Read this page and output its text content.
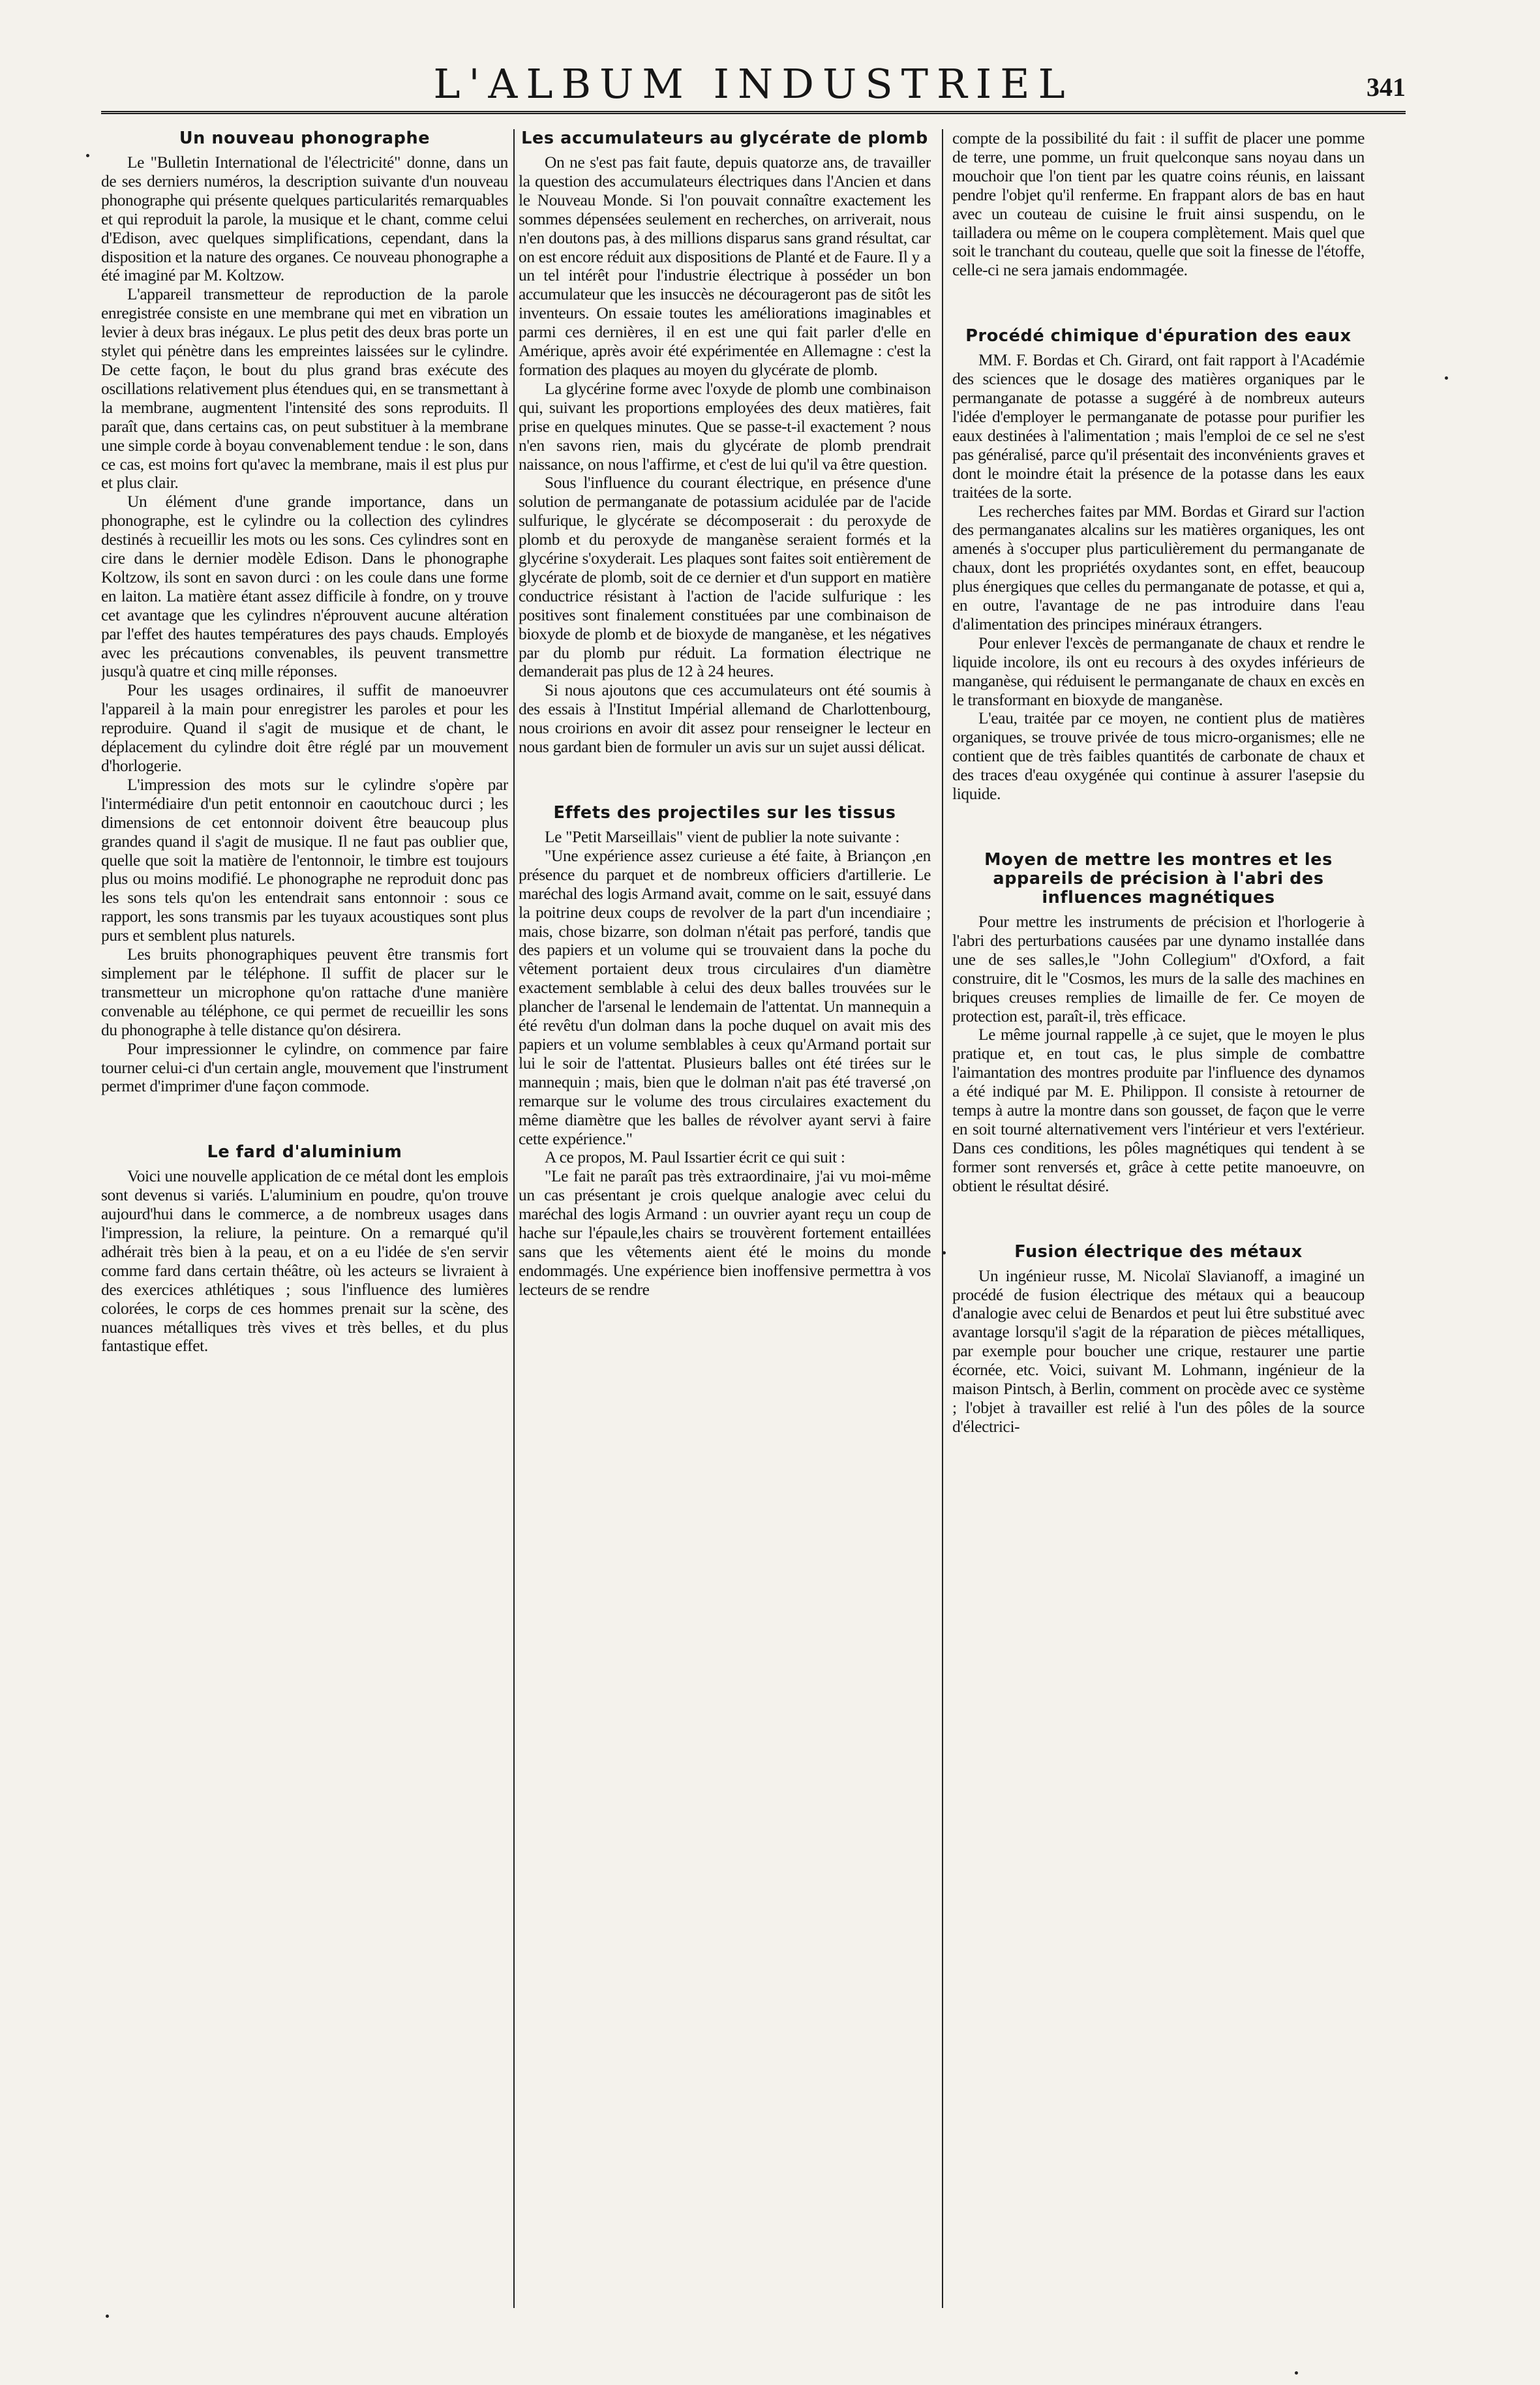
L'ALBUM INDUSTRIEL	341
Un nouveau phonographe

Le "Bulletin International de l'électricité" donne, dans un de ses derniers numéros, la description suivante d'un nouveau phonographe qui présente quelques particularités remarquables et qui reproduit la parole, la musique et le chant, comme celui d'Edison, avec quelques simplifications, cependant, dans la disposition et la nature des organes. Ce nouveau phonographe a été imaginé par M. Koltzow.

L'appareil transmetteur de reproduction de la parole enregistrée consiste en une membrane qui met en vibration un levier à deux bras inégaux. Le plus petit des deux bras porte un stylet qui pénètre dans les empreintes laissées sur le cylindre. De cette façon, le bout du plus grand bras exécute des oscillations relativement plus étendues qui, en se transmettant à la membrane, augmentent l'intensité des sons reproduits. Il paraît que, dans certains cas, on peut substituer à la membrane une simple corde à boyau convenablement tendue : le son, dans ce cas, est moins fort qu'avec la membrane, mais il est plus pur et plus clair.

Un élément d'une grande importance, dans un phonographe, est le cylindre ou la collection des cylindres destinés à recueillir les mots ou les sons. Ces cylindres sont en cire dans le dernier modèle Edison. Dans le phonographe Koltzow, ils sont en savon durci : on les coule dans une forme en laiton. La matière étant assez difficile à fondre, on y trouve cet avantage que les cylindres n'éprouvent aucune altération par l'effet des hautes températures des pays chauds. Employés avec les précautions convenables, ils peuvent transmettre jusqu'à quatre et cinq mille réponses.

Pour les usages ordinaires, il suffit de manoeuvrer l'appareil à la main pour enregistrer les paroles et pour les reproduire. Quand il s'agit de musique et de chant, le déplacement du cylindre doit être réglé par un mouvement d'horlogerie.

L'impression des mots sur le cylindre s'opère par l'intermédiaire d'un petit entonnoir en caoutchouc durci ; les dimensions de cet entonnoir doivent être beaucoup plus grandes quand il s'agit de musique. Il ne faut pas oublier que, quelle que soit la matière de l'entonnoir, le timbre est toujours plus ou moins modifié. Le phonographe ne reproduit donc pas les sons tels qu'on les entendrait sans entonnoir : sous ce rapport, les sons transmis par les tuyaux acoustiques sont plus purs et semblent plus naturels.

Les bruits phonographiques peuvent être transmis fort simplement par le téléphone. Il suffit de placer sur le transmetteur un microphone qu'on rattache d'une manière convenable au téléphone, ce qui permet de recueillir les sons du phonographe à telle distance qu'on désirera.

Pour impressionner le cylindre, on commence par faire tourner celui-ci d'un certain angle, mouvement que l'instrument permet d'imprimer d'une façon commode.

Le fard d'aluminium

Voici une nouvelle application de ce métal dont les emplois sont devenus si variés. L'aluminium en poudre, qu'on trouve aujourd'hui dans le commerce, a de nombreux usages dans l'impression, la reliure, la peinture. On a remarqué qu'il adhérait très bien à la peau, et on a eu l'idée de s'en servir comme fard dans certain théâtre, où les acteurs se livraient à des exercices athlétiques ; sous l'influence des lumières colorées, le corps de ces hommes prenait sur la scène, des nuances métalliques très vives et très belles, et du plus fantastique effet.

Les accumulateurs au glycérate de plomb

On ne s'est pas fait faute, depuis quatorze ans, de travailler la question des accumulateurs électriques dans l'Ancien et dans le Nouveau Monde. Si l'on pouvait connaître exactement les sommes dépensées seulement en recherches, on arriverait, nous n'en doutons pas, à des millions disparus sans grand résultat, car on est encore réduit aux dispositions de Planté et de Faure. Il y a un tel intérêt pour l'industrie électrique à posséder un bon accumulateur que les insuccès ne décourageront pas de sitôt les inventeurs. On essaie toutes les améliorations imaginables et parmi ces dernières, il en est une qui fait parler d'elle en Amérique, après avoir été expérimentée en Allemagne : c'est la formation des plaques au moyen du glycérate de plomb.

La glycérine forme avec l'oxyde de plomb une combinaison qui, suivant les proportions employées des deux matières, fait prise en quelques minutes. Que se passe-t-il exactement ? nous n'en savons rien, mais du glycérate de plomb prendrait naissance, on nous l'affirme, et c'est de lui qu'il va être question.

Sous l'influence du courant électrique, en présence d'une solution de permanganate de potassium acidulée par de l'acide sulfurique, le glycérate se décomposerait : du peroxyde de plomb et du peroxyde de manganèse seraient formés et la glycérine s'oxyderait. Les plaques sont faites soit entièrement de glycérate de plomb, soit de ce dernier et d'un support en matière conductrice résistant à l'action de l'acide sulfurique : les positives sont finalement constituées par une combinaison de bioxyde de plomb et de bioxyde de manganèse, et les négatives par du plomb pur réduit. La formation électrique ne demanderait pas plus de 12 à 24 heures.

Si nous ajoutons que ces accumulateurs ont été soumis à des essais à l'Institut Impérial allemand de Charlottenbourg, nous croirions en avoir dit assez pour renseigner le lecteur en nous gardant bien de formuler un avis sur un sujet aussi délicat.

Effets des projectiles sur les tissus

Le "Petit Marseillais" vient de publier la note suivante :

"Une expérience assez curieuse a été faite, à Briançon ,en présence du parquet et de nombreux officiers d'artillerie. Le maréchal des logis Armand avait, comme on le sait, essuyé dans la poitrine deux coups de revolver de la part d'un incendiaire ; mais, chose bizarre, son dolman n'était pas perforé, tandis que des papiers et un volume qui se trouvaient dans la poche du vêtement portaient deux trous circulaires d'un diamètre exactement semblable à celui des deux balles trouvées sur le plancher de l'arsenal le lendemain de l'attentat. Un mannequin a été revêtu d'un dolman dans la poche duquel on avait mis des papiers et un volume semblables à ceux qu'Armand portait sur lui le soir de l'attentat. Plusieurs balles ont été tirées sur le mannequin ; mais, bien que le dolman n'ait pas été traversé ,on remarque sur le volume des trous circulaires exactement du même diamètre que les balles de révolver ayant servi à faire cette expérience."

A ce propos, M. Paul Issartier écrit ce qui suit :

"Le fait ne paraît pas très extraordinaire, j'ai vu moi-même un cas présentant je crois quelque analogie avec celui du maréchal des logis Armand : un ouvrier ayant reçu un coup de hache sur l'épaule,les chairs se trouvèrent fortement entaillées sans que les vêtements aient été le moins du monde endommagés. Une expérience bien inoffensive permettra à vos lecteurs de se rendre

compte de la possibilité du fait : il suffit de placer une pomme de terre, une pomme, un fruit quelconque sans noyau dans un mouchoir que l'on tient par les quatre coins réunis, en laissant pendre l'objet qu'il renferme. En frappant alors de bas en haut avec un couteau de cuisine le fruit ainsi suspendu, on le tailladera ou même on le coupera complètement. Mais quel que soit le tranchant du couteau, quelle que soit la finesse de l'étoffe, celle-ci ne sera jamais endommagée.

Procédé chimique d'épuration des eaux

MM. F. Bordas et Ch. Girard, ont fait rapport à l'Académie des sciences que le dosage des matières organiques par le permanganate de potasse a suggéré à de nombreux auteurs l'idée d'employer le permanganate de potasse pour purifier les eaux destinées à l'alimentation ; mais l'emploi de ce sel ne s'est pas généralisé, parce qu'il présentait des inconvénients graves et dont le moindre était la présence de la potasse dans les eaux traitées de la sorte.

Les recherches faites par MM. Bordas et Girard sur l'action des permanganates alcalins sur les matières organiques, les ont amenés à s'occuper plus particulièrement du permanganate de chaux, dont les propriétés oxydantes sont, en effet, beaucoup plus énergiques que celles du permanganate de potasse, et qui a, en outre, l'avantage de ne pas introduire dans l'eau d'alimentation des principes minéraux étrangers.

Pour enlever l'excès de permanganate de chaux et rendre le liquide incolore, ils ont eu recours à des oxydes inférieurs de manganèse, qui réduisent le permanganate de chaux en excès en le transformant en bioxyde de manganèse.

L'eau, traitée par ce moyen, ne contient plus de matières organiques, se trouve privée de tous micro-organismes; elle ne contient que de très faibles quantités de carbonate de chaux et des traces d'eau oxygénée qui continue à assurer l'asepsie du liquide.

Moyen de mettre les montres et les appareils de précision à l'abri des influences magnétiques

Pour mettre les instruments de précision et l'horlogerie à l'abri des perturbations causées par une dynamo installée dans une de ses salles,le "John Collegium" d'Oxford, a fait construire, dit le "Cosmos, les murs de la salle des machines en briques creuses remplies de limaille de fer. Ce moyen de protection est, paraît-il, très efficace.

Le même journal rappelle ,à ce sujet, que le moyen le plus pratique et, en tout cas, le plus simple de combattre l'aimantation des montres produite par l'influence des dynamos a été indiqué par M. E. Philippon. Il consiste à retourner de temps à autre la montre dans son gousset, de façon que le verre en soit tourné alternativement vers l'intérieur et vers l'extérieur. Dans ces conditions, les pôles magnétiques qui tendent à se former sont renversés et, grâce à cette petite manoeuvre, on obtient le résultat désiré.

Fusion électrique des métaux

Un ingénieur russe, M. Nicolaï Slavianoff, a imaginé un procédé de fusion électrique des métaux qui a beaucoup d'analogie avec celui de Benardos et peut lui être substitué avec avantage lorsqu'il s'agit de la réparation de pièces métalliques, par exemple pour boucher une crique, restaurer une partie écornée, etc. Voici, suivant M. Lohmann, ingénieur de la maison Pintsch, à Berlin, comment on procède avec ce système ; l'objet à travailler est relié à l'un des pôles de la source d'électrici-
